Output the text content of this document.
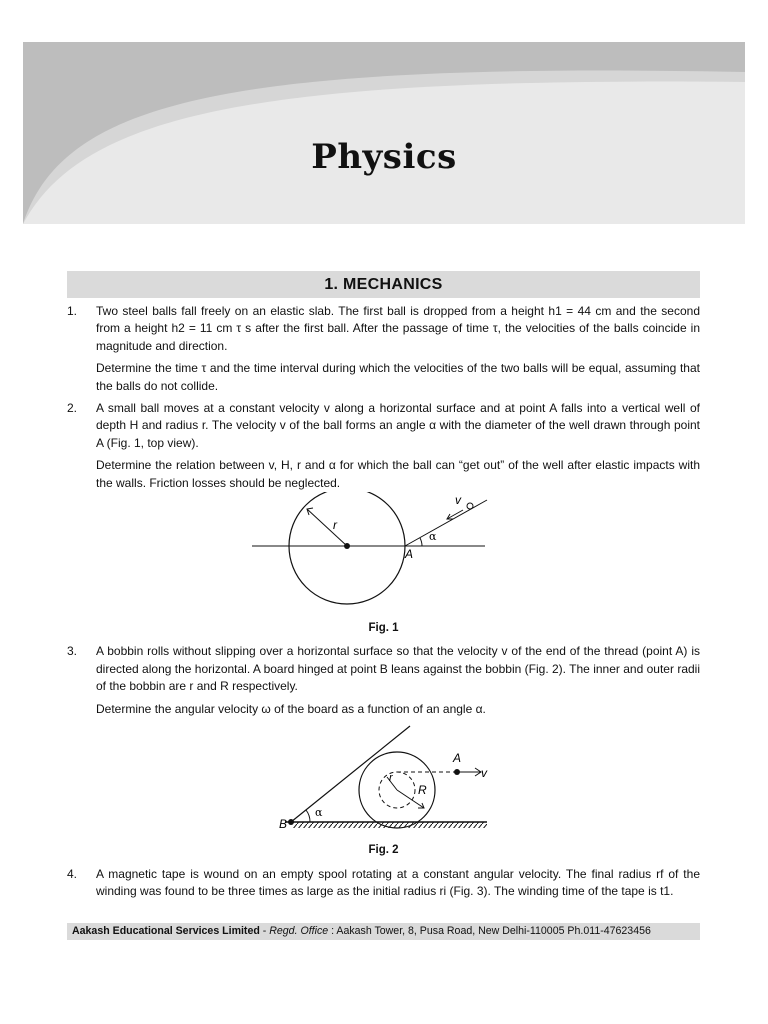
Physics
1. MECHANICS
1. Two steel balls fall freely on an elastic slab. The first ball is dropped from a height h1 = 44 cm and the second from a height h2 = 11 cm τ s after the first ball. After the passage of time τ, the velocities of the balls coincide in magnitude and direction.

Determine the time τ and the time interval during which the velocities of the two balls will be equal, assuming that the balls do not collide.

2. A small ball moves at a constant velocity v along a horizontal surface and at point A falls into a vertical well of depth H and radius r. The velocity v of the ball forms an angle α with the diameter of the well drawn through point A (Fig. 1, top view).

Determine the relation between v, H, r and α for which the ball can “get out” of the well after elastic impacts with the walls. Friction losses should be neglected.

r
v
α
A
Fig. 1
3. A bobbin rolls without slipping over a horizontal surface so that the velocity v of the end of the thread (point A) is directed along the horizontal. A board hinged at point B leans against the bobbin (Fig. 2). The inner and outer radii of the bobbin are r and R respectively.

Determine the angular velocity ω of the board as a function of an angle α.

A
v
r
R
α
B
Fig. 2
4. A magnetic tape is wound on an empty spool rotating at a constant angular velocity. The final radius rf of the winding was found to be three times as large as the initial radius ri (Fig. 3). The winding time of the tape is t1.

Aakash Educational Services Limited - Regd. Office : Aakash Tower, 8, Pusa Road, New Delhi-110005 Ph.011-47623456
